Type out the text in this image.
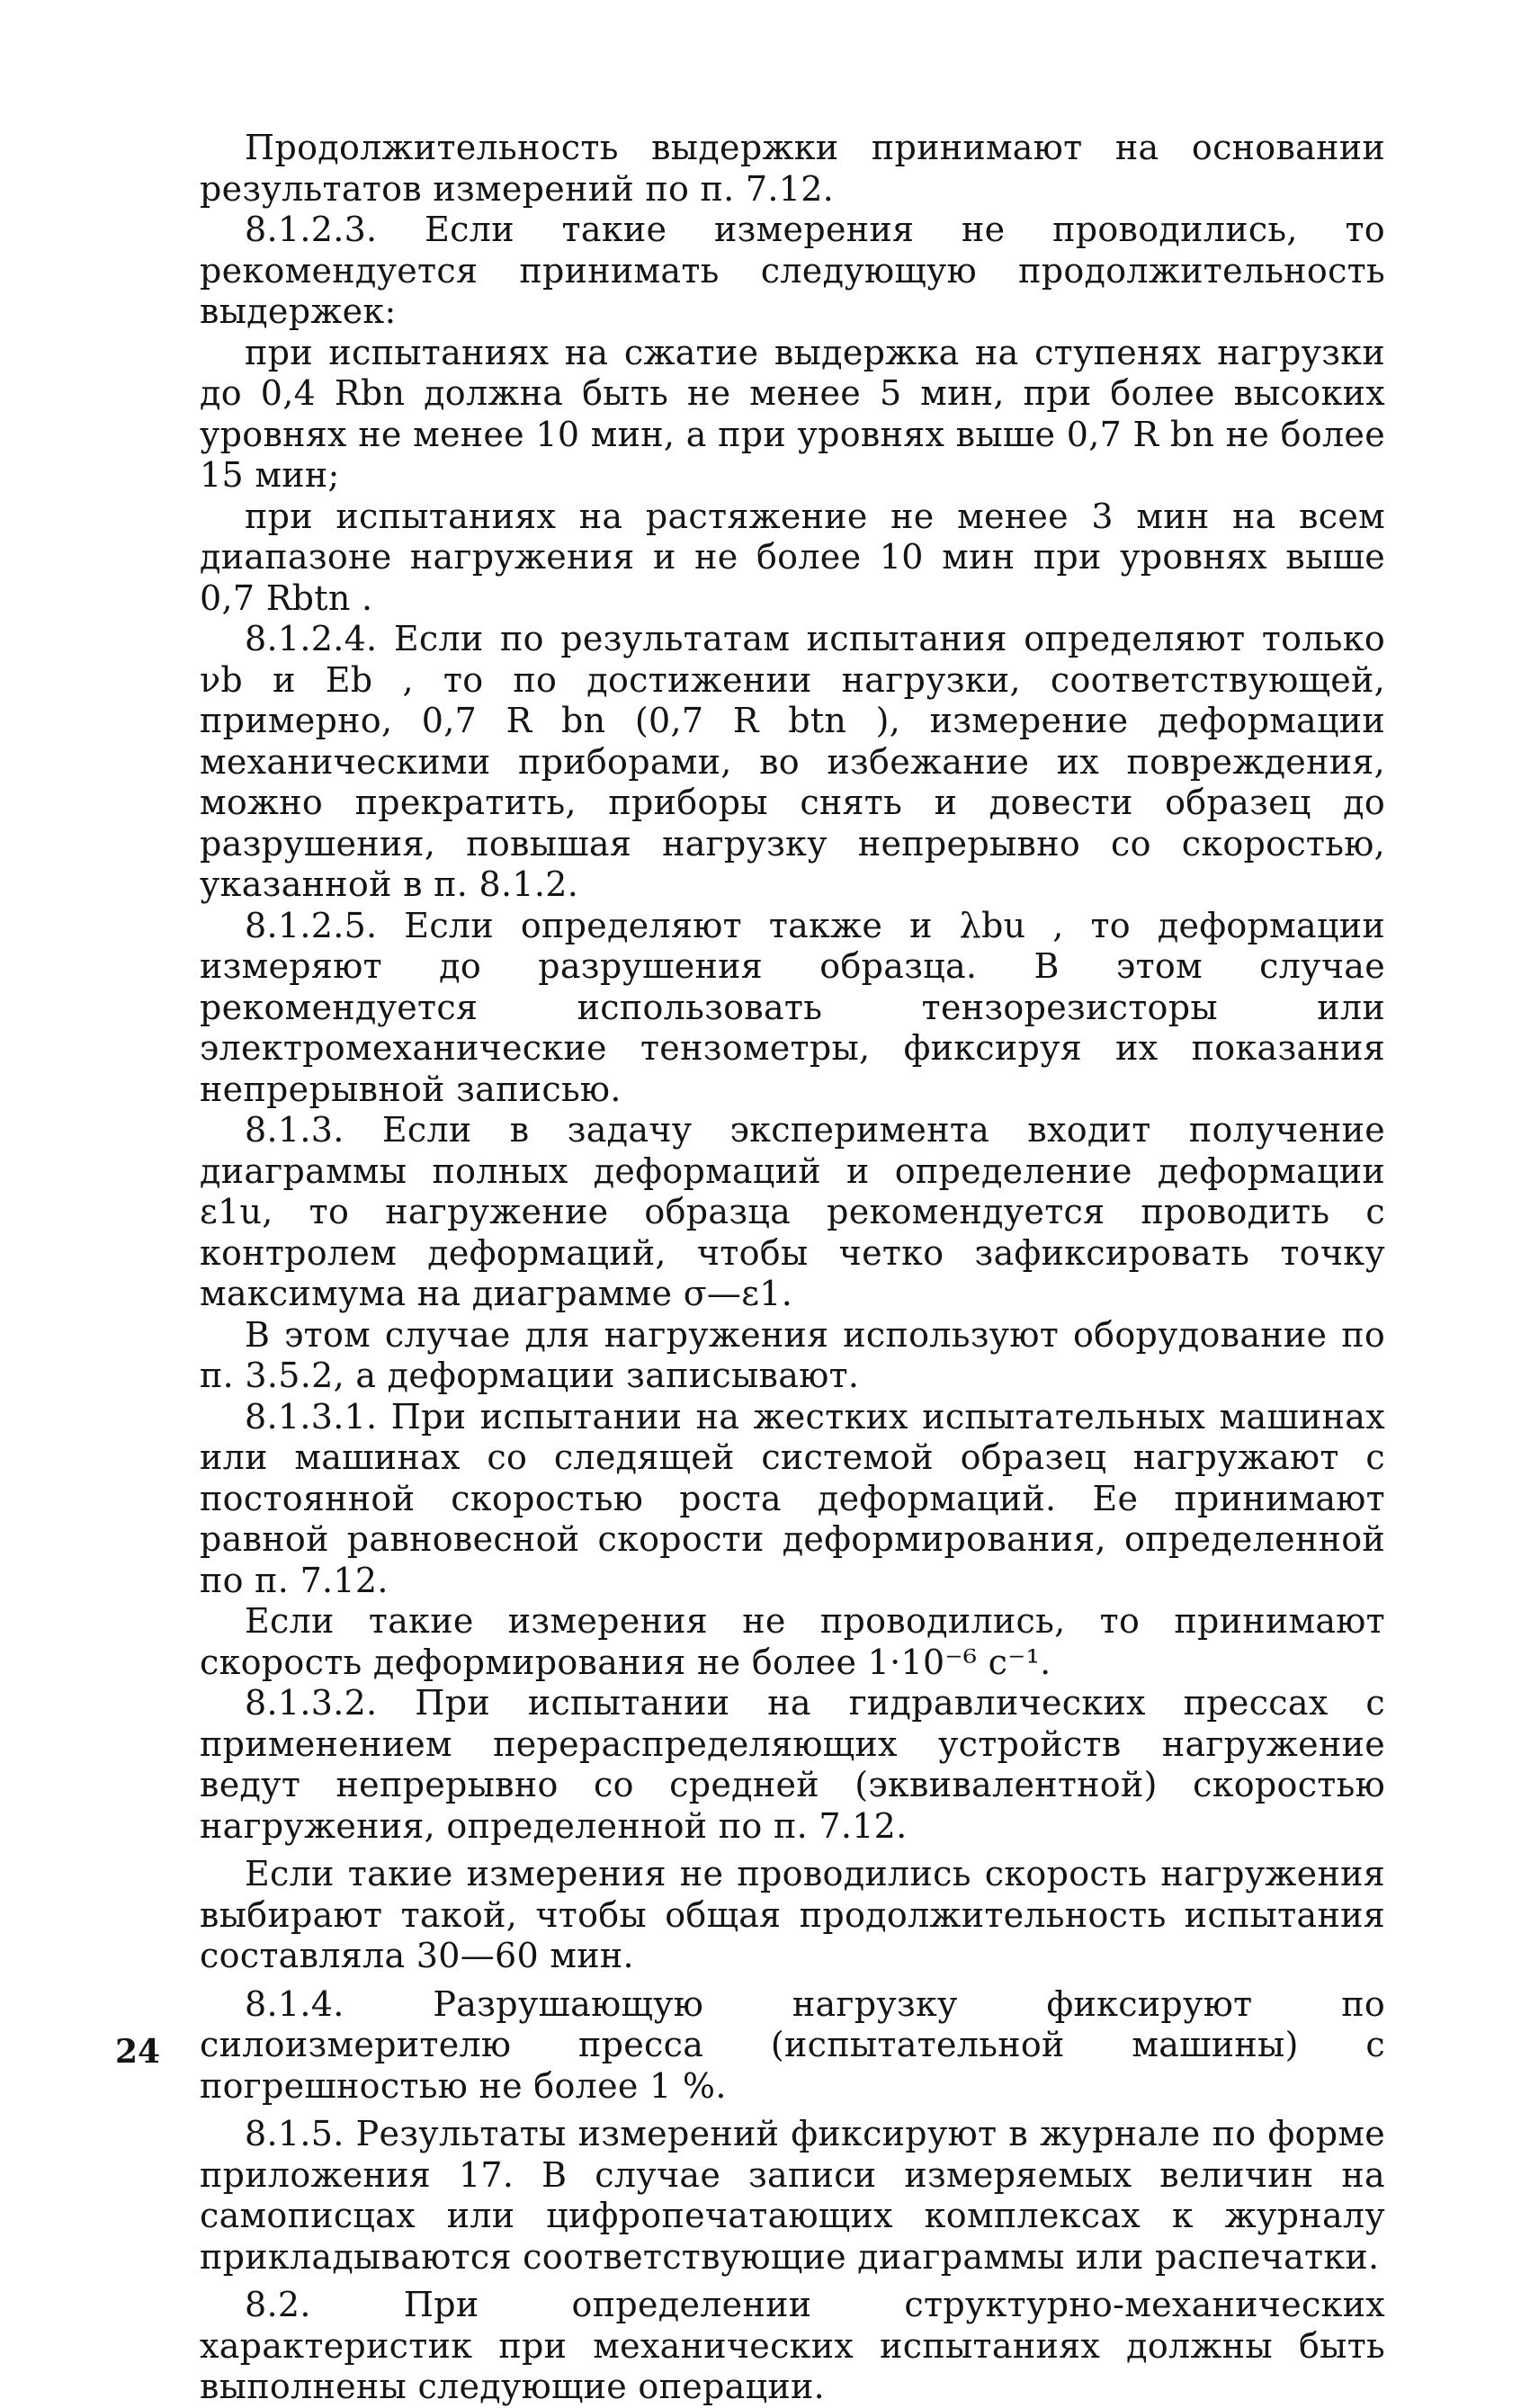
Продолжительность выдержки принимают на основании результатов измерений по п. 7.12.

8.1.2.3. Если такие измерения не проводились, то рекомендуется принимать следующую продолжительность выдержек:

при испытаниях на сжатие выдержка на ступенях нагрузки до 0,4 Rbn должна быть не менее 5 мин, при более высоких уровнях не менее 10 мин, а при уровнях выше 0,7 R bn не более 15 мин;

при испытаниях на растяжение не менее 3 мин на всем диапазоне нагружения и не более 10 мин при уровнях выше 0,7 Rbtn .

8.1.2.4. Если по результатам испытания определяют только νb и Eb , то по достижении нагрузки, соответствующей, примерно, 0,7 R bn (0,7 R btn ), измерение деформации механическими приборами, во избежание их повреждения, можно прекратить, приборы снять и довести образец до разрушения, повышая нагрузку непрерывно со скоростью, указанной в п. 8.1.2.

8.1.2.5. Если определяют также и λbu , то деформации измеряют до разрушения образца. В этом случае рекомендуется использовать тензорезисторы или электромеханические тензометры, фиксируя их показания непрерывной записью.

8.1.3. Если в задачу эксперимента входит получение диаграммы полных деформаций и определение деформации ε1u, то нагружение образца рекомендуется проводить с контролем деформаций, чтобы четко зафиксировать точку максимума на диаграмме σ—ε1.

В этом случае для нагружения используют оборудование по п. 3.5.2, а деформации записывают.

8.1.3.1. При испытании на жестких испытательных машинах или машинах со следящей системой образец нагружают с постоянной скоростью роста деформаций. Ее принимают равной равновесной скорости деформирования, определенной по п. 7.12.

Если такие измерения не проводились, то принимают скорость деформирования не более 1·10⁻⁶ с⁻¹.

8.1.3.2. При испытании на гидравлических прессах с применением перераспределяющих устройств нагружение ведут непрерывно со средней (эквивалентной) скоростью нагружения, определенной по п. 7.12.

Если такие измерения не проводились скорость нагружения выбирают такой, чтобы общая продолжительность испытания составляла 30—60 мин.

8.1.4. Разрушающую нагрузку фиксируют по силоизмерителю пресса (испытательной машины) с погрешностью не более 1 %.

8.1.5. Результаты измерений фиксируют в журнале по форме приложения 17. В случае записи измеряемых величин на самописцах или цифропечатающих комплексах к журналу прикладываются соответствующие диаграммы или распечатки.

8.2. При определении структурно-механических характеристик при механических испытаниях должны быть выполнены следующие операции.

24
